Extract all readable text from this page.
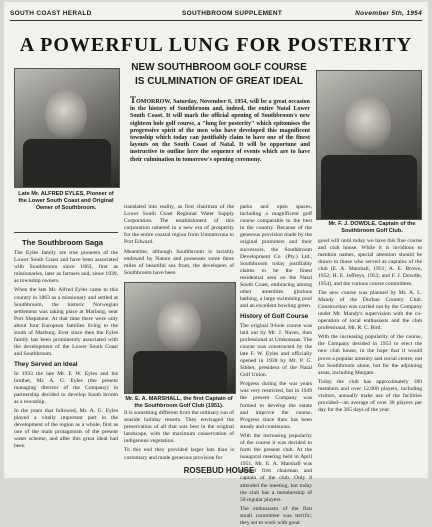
SOUTH COAST HERALD	SOUTHBROOM SUPPLEMENT	November 5th, 1954
A POWERFUL LUNG FOR POSTERITY
NEW SOUTHBROOM GOLF COURSE
IS CULMINATION OF GREAT IDEAL
TOMORROW, Saturday, November 6, 1954, will be a great occasion in the history of Southbroom and, indeed, the entire Natal Lower South Coast. It will mark the official opening of Southbroom's new eighteen hole golf course, a "lung for posterity" which epitomises the progressive spirit of the men who have developed this magnificent township which today can justifiably claim to have one of the finest layouts on the South Coast of Natal. It will be opportune and instructive to outline here the sequence of events which are to have their culmination in tomorrow's opening ceremony.
Late Mr. ALFRED EYLES, Pioneer of the Lower South Coast and Original Owner of Southbroom.
Mr. F. J. DOWDLE, Captain of the Southbroom Golf Club.
The Southbroom Saga

The Eyles family are true pioneers of the Lower South Coast and have been associated with Southbroom since 1863, first as missionaries, later as farmers and, since 1939, as township owners.

When the late Mr. Alfred Eyles came to this country in 1863 as a missionary and settled at Southbroom, the historic Norwegian settlement was taking place at Marburg, near Port Shepstone. At that time there were only about four European families living to the south of Marburg. Ever since then the Eyles family has been prominently associated with the development of the Lower South Coast and Southbroom.

They Served an Ideal

In 1933 the late Mr. F. W. Eyles and his brother, Mr. A. G. Eyles (the present managing director of the Company) in partnership decided to develop South broom as a township.

In the years that followed, Mr. A. G. Eyles played a vitally important part in the development of the region as a whole, first as one of the main protagonists of the present water scheme, and after this great ideal had been

translated into reality, as first chairman of the Lower South Coast Regional Water Supply Corporation. The establishment of this corporation ushered in a new era of prosperity for the entire coastal region from Umtamvuna to Port Edward.

Meantime, although Southbroom is lavishly endowed by Nature and possesses some three miles of beautiful sea front, the developers of Southbroom have been

Mr. E. A. MARSHALL, the first Captain of the Southbroom Golf Club (1951).

It is something different from the ordinary run of seaside holiday resorts. They envisaged the preservation of all that was best in the original landscape, with the maximum conservation of indigenous vegetation.

To this end they provided larger lots than is customary and made generous provision for

parks and open spaces, including a magnificent golf course comparable to the best in the country. Because of the generous provision made by the original promoters and their successors, the Southbroom Development Co. (Pty.) Ltd., Southbroom today justifiably claims to be the finest residential area on the Natal South Coast, embracing among other amenities glorious bathing, a large swimming pool and an excellent bowling green.

History of Golf Course

The original 9-hole course was laid out by Mr. J. Naves, then professional at Umkomaas. The course was constructed by the late F. W. Eyles and officially opened in 1938 by Mr. P. G. Sibbet, president of the Natal Golf Union.

Progress during the war years was very restricted, but in 1949 the present Company was formed to develop the estate and improve the course. Progress since then has been steady and continuous.

With the increasing popularity of the course it was decided to form the present club. At the inaugural meeting held in April 1951, Mr. E. A. Marshall was elected first chairman and captain of the club. Only 8 attended the meeting, but today the club has a membership of 50 regular players.

The enthusiasm of the first small committee was terrific; they set to work with great

good will until today we have this fine course and club house. While it is invidious to mention names, special attention should be drawn to those who served as captains of the club (E. A. Marshall, 1951; A. E. Brown, 1952; H. E. Jeffreys, 1953; and F. J. Dowdle, 1954), and the various course committees.

The new course was planned by Mr. A. L. Mandy of the Durban Country Club. Construction was carried out by the Company under Mr. Mandy's supervision with the co-operation of local enthusiasts and the club professional, Mr. R. C. Bird.

With the increasing popularity of the course, the Company decided in 1953 to erect the new club house, in the hope that it would prove a popular amenity and social centre, not for Southbroom alone, but for the adjoining areas, including Margate.

Today the club has approximately 180 members and over 12,000 players, including visitors, annually make use of the facilities provided—an average of over 30 players per day for the 365 days of the year.

ROSEBUD HOUSE
